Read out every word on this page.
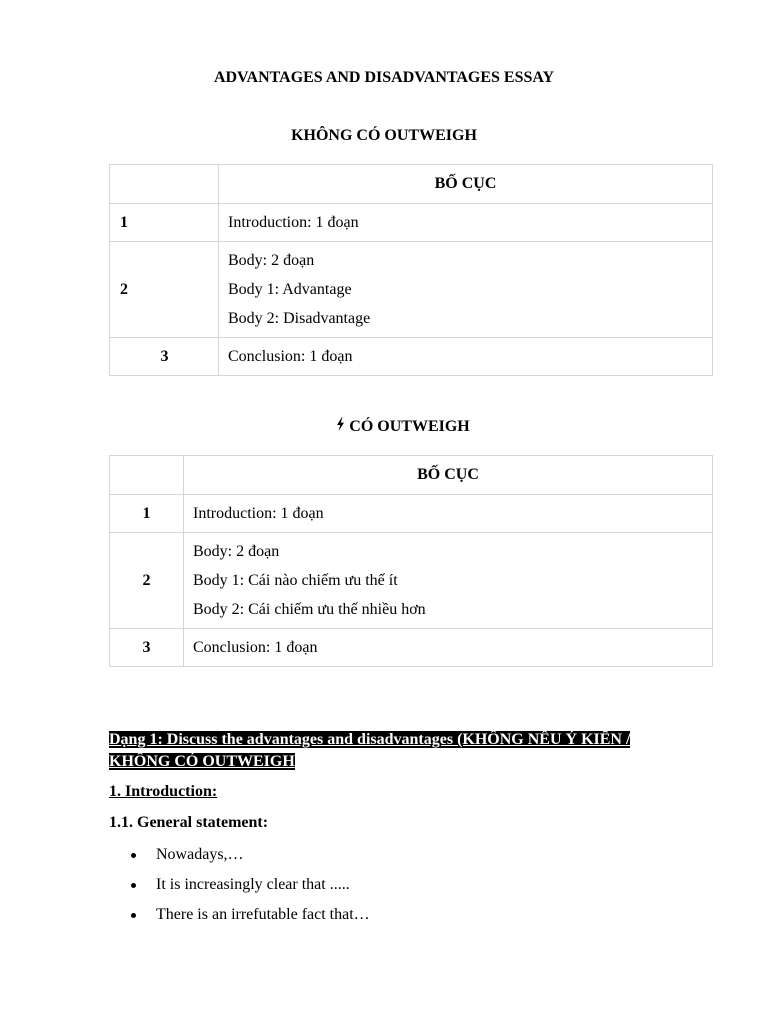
ADVANTAGES AND DISADVANTAGES ESSAY
KHÔNG CÓ OUTWEIGH
	BỐ CỤC
1	Introduction: 1 đoạn

2	Body: 2 đoạn
Body 1: Advantage
Body 2: Disadvantage

3	Conclusion: 1 đoạn
CÓ OUTWEIGH
	BỐ CỤC
1	Introduction: 1 đoạn

2	Body: 2 đoạn
Body 1: Cái nào chiếm ưu thế ít
Body 2: Cái chiếm ưu thế nhiều hơn

3	Conclusion: 1 đoạn

Dạng 1: Discuss the advantages and disadvantages (KHÔNG NÊU Ý KIẾN / KHÔNG CÓ OUTWEIGH

1. Introduction:

1.1. General statement:

Nowadays,…
It is increasingly clear that .....
There is an irrefutable fact that…
